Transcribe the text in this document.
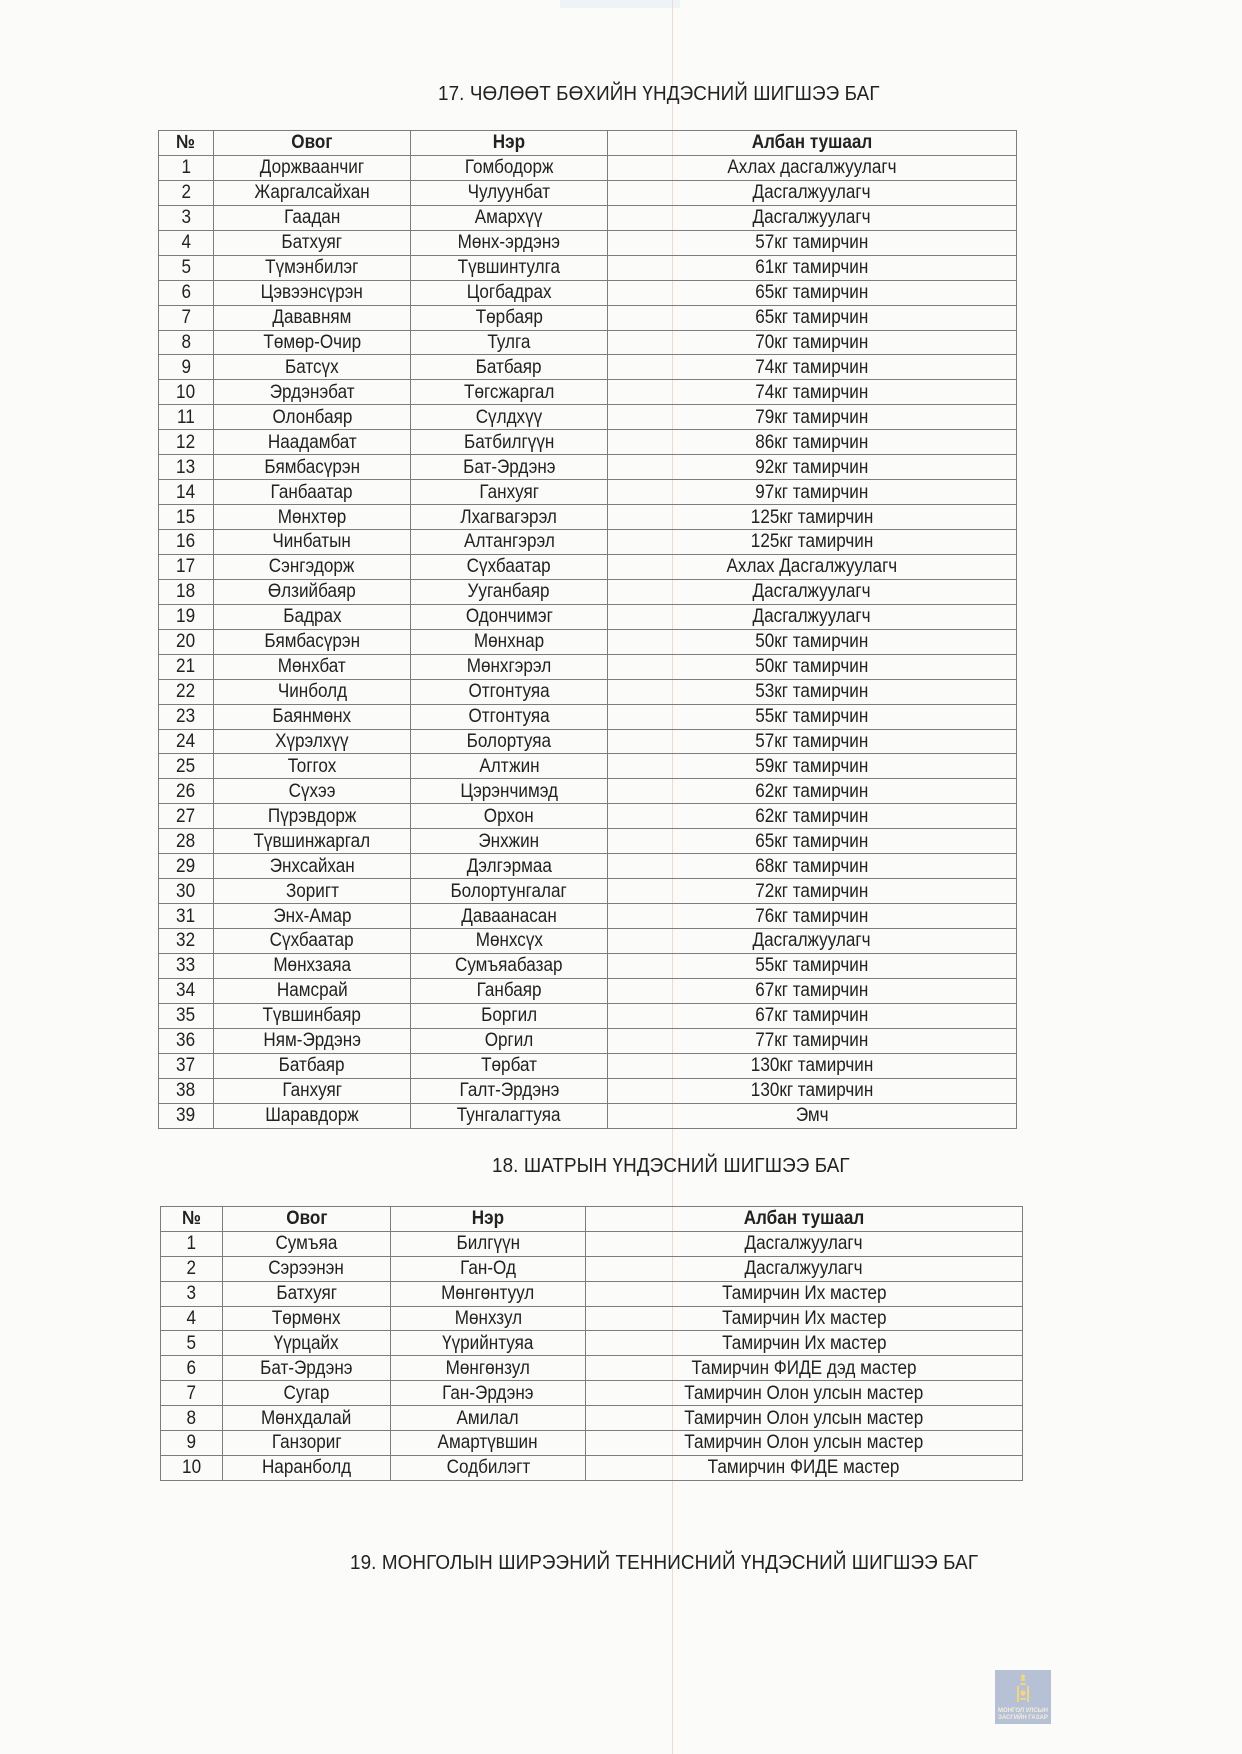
17. ЧӨЛӨӨТ БӨХИЙН ҮНДЭСНИЙ ШИГШЭЭ БАГ
№	Овог	Нэр	Албан тушаал
1	Доржваанчиг	Гомбодорж	Ахлах дасгалжуулагч
2	Жаргалсайхан	Чулуунбат	Дасгалжуулагч
3	Гаадан	Амархүү	Дасгалжуулагч
4	Батхуяг	Мөнх-эрдэнэ	57кг тамирчин
5	Түмэнбилэг	Түвшинтулга	61кг тамирчин
6	Цэвээнсүрэн	Цогбадрах	65кг тамирчин
7	Дававням	Төрбаяр	65кг тамирчин
8	Төмөр-Очир	Тулга	70кг тамирчин
9	Батсүх	Батбаяр	74кг тамирчин
10	Эрдэнэбат	Төгсжаргал	74кг тамирчин
11	Олонбаяр	Сүлдхүү	79кг тамирчин
12	Наадамбат	Батбилгүүн	86кг тамирчин
13	Бямбасүрэн	Бат-Эрдэнэ	92кг тамирчин
14	Ганбаатар	Ганхуяг	97кг тамирчин
15	Мөнхтөр	Лхагвагэрэл	125кг тамирчин
16	Чинбатын	Алтангэрэл	125кг тамирчин
17	Сэнгэдорж	Сүхбаатар	Ахлах Дасгалжуулагч
18	Өлзийбаяр	Ууганбаяр	Дасгалжуулагч
19	Бадрах	Одончимэг	Дасгалжуулагч
20	Бямбасүрэн	Мөнхнар	50кг тамирчин
21	Мөнхбат	Мөнхгэрэл	50кг тамирчин
22	Чинболд	Отгонтуяа	53кг тамирчин
23	Баянмөнх	Отгонтуяа	55кг тамирчин
24	Хүрэлхүү	Болортуяа	57кг тамирчин
25	Тоггох	Алтжин	59кг тамирчин
26	Сүхээ	Цэрэнчимэд	62кг тамирчин
27	Пүрэвдорж	Орхон	62кг тамирчин
28	Түвшинжаргал	Энхжин	65кг тамирчин
29	Энхсайхан	Дэлгэрмаа	68кг тамирчин
30	Зоригт	Болортунгалаг	72кг тамирчин
31	Энх-Амар	Даваанасан	76кг тамирчин
32	Сүхбаатар	Мөнхсүх	Дасгалжуулагч
33	Мөнхзаяа	Сумъяабазар	55кг тамирчин
34	Намсрай	Ганбаяр	67кг тамирчин
35	Түвшинбаяр	Боргил	67кг тамирчин
36	Ням-Эрдэнэ	Оргил	77кг тамирчин
37	Батбаяр	Төрбат	130кг тамирчин
38	Ганхуяг	Галт-Эрдэнэ	130кг тамирчин
39	Шаравдорж	Тунгалагтуяа	Эмч
18. ШАТРЫН ҮНДЭСНИЙ ШИГШЭЭ БАГ
№	Овог	Нэр	Албан тушаал
1	Сумъяа	Билгүүн	Дасгалжуулагч
2	Сэрээнэн	Ган-Од	Дасгалжуулагч
3	Батхуяг	Мөнгөнтуул	Тамирчин Их мастер
4	Төрмөнх	Мөнхзул	Тамирчин Их мастер
5	Үүрцайх	Үүрийнтуяа	Тамирчин Их мастер
6	Бат-Эрдэнэ	Мөнгөнзул	Тамирчин ФИДЕ дэд мастер
7	Сугар	Ган-Эрдэнэ	Тамирчин Олон улсын мастер
8	Мөнхдалай	Амилал	Тамирчин Олон улсын мастер
9	Ганзориг	Амартүвшин	Тамирчин Олон улсын мастер
10	Наранболд	Содбилэгт	Тамирчин ФИДЕ мастер
19. МОНГОЛЫН ШИРЭЭНИЙ ТЕННИСНИЙ ҮНДЭСНИЙ ШИГШЭЭ БАГ
МОНГОЛ УЛСЫН
ЗАСГИЙН ГАЗАР
